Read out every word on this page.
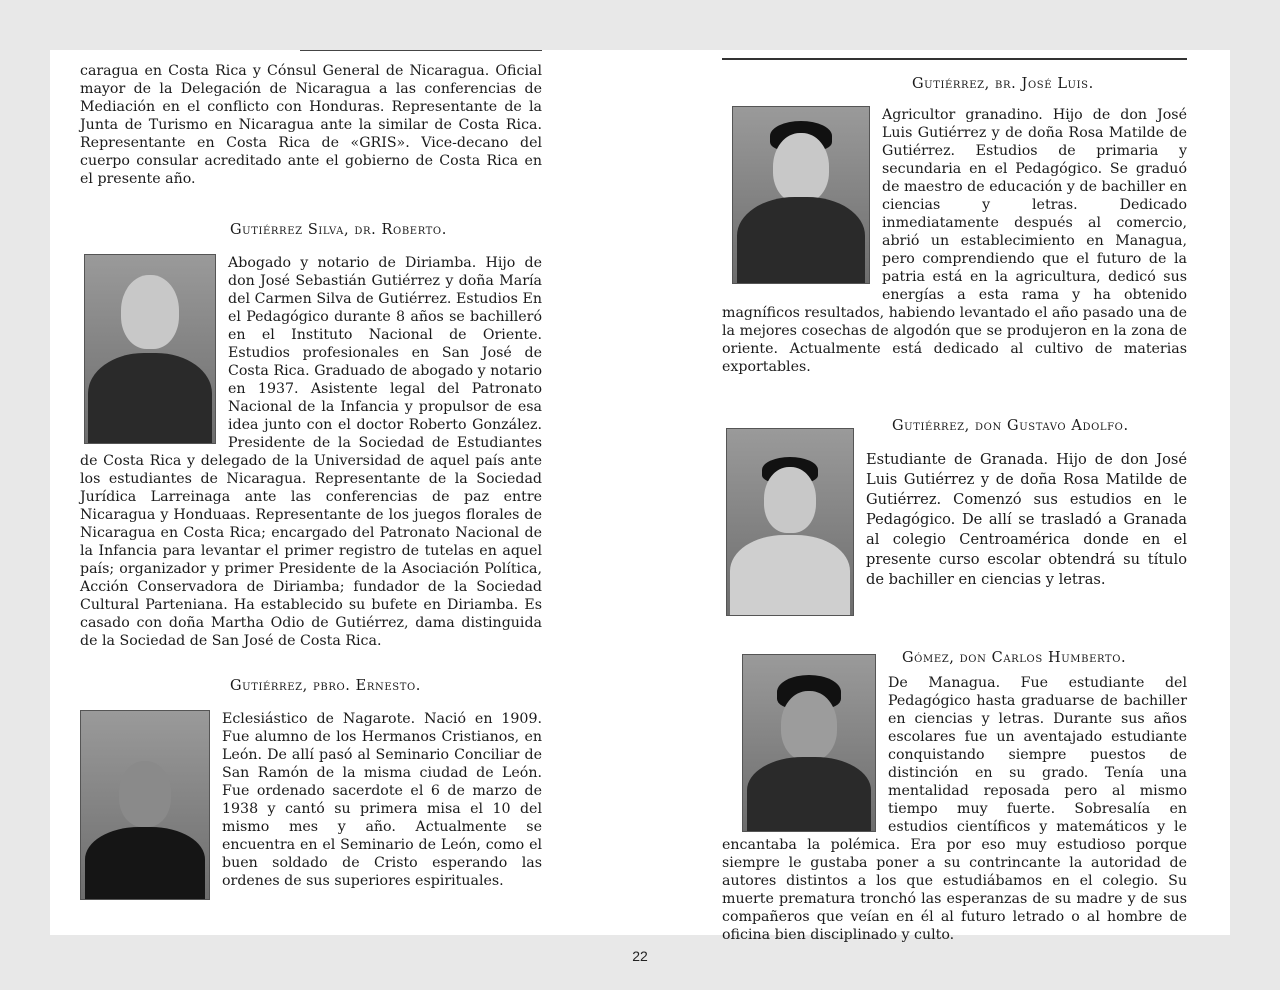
caragua en Costa Rica y Cónsul General de Nicaragua. Oficial mayor de la Delegación de Nicaragua a las conferencias de Mediación en el conflicto con Honduras. Representante de la Junta de Turismo en Nicaragua ante la similar de Costa Rica. Representante en Costa Rica de «GRIS». Vice-decano del cuerpo consular acreditado ante el gobierno de Costa Rica en el presente año.

Gutiérrez Silva, dr. Roberto.

Abogado y notario de Diriamba. Hijo de don José Sebastián Gutiérrez y doña María del Carmen Silva de Gutiérrez. Estudios En el Pedagógico durante 8 años se bachilleró en el Instituto Nacional de Oriente. Estudios profesionales en San José de Costa Rica. Graduado de abogado y notario en 1937. Asistente legal del Patronato Nacional de la Infancia y propulsor de esa idea junto con el doctor Roberto González. Presidente de la Sociedad de Estudiantes de Costa Rica y delegado de la Universidad de aquel país ante los estudiantes de Nicaragua. Representante de la Sociedad Jurídica Larreinaga ante las conferencias de paz entre Nicaragua y Honduaas. Representante de los juegos florales de Nicaragua en Costa Rica; encargado del Patronato Nacional de la Infancia para levantar el primer registro de tutelas en aquel país; organizador y primer Presidente de la Asociación Política, Acción Conservadora de Diriamba; fundador de la Sociedad Cultural Parteniana. Ha establecido su bufete en Diriamba. Es casado con doña Martha Odio de Gutiérrez, dama distinguida de la Sociedad de San José de Costa Rica.

Gutiérrez, pbro. Ernesto.

Eclesiástico de Nagarote. Nació en 1909. Fue alumno de los Hermanos Cristianos, en León. De allí pasó al Seminario Conciliar de San Ramón de la misma ciudad de León. Fue ordenado sacerdote el 6 de marzo de 1938 y cantó su primera misa el 10 del mismo mes y año. Actualmente se encuentra en el Seminario de León, como el buen soldado de Cristo esperando las ordenes de sus superiores espirituales.

Gutiérrez, br. José Luis.

Agricultor granadino. Hijo de don José Luis Gutiérrez y de doña Rosa Matilde de Gutiérrez. Estudios de primaria y secundaria en el Pedagógico. Se graduó de maestro de educación y de bachiller en ciencias y letras. Dedicado inmediatamente después al comercio, abrió un establecimiento en Managua, pero comprendiendo que el futuro de la patria está en la agricultura, dedicó sus energías a esta rama y ha obtenido magníficos resultados, habiendo levantado el año pasado una de la mejores cosechas de algodón que se produjeron en la zona de oriente. Actualmente está dedicado al cultivo de materias exportables.

Gutiérrez, don Gustavo Adolfo.

Estudiante de Granada. Hijo de don José Luis Gutiérrez y de doña Rosa Matilde de Gutiérrez. Comenzó sus estudios en le Pedagógico. De allí se trasladó a Granada al colegio Centroamérica donde en el presente curso escolar obtendrá su título de bachiller en ciencias y letras.

Gómez, don Carlos Humberto.

De Managua. Fue estudiante del Pedagógico hasta graduarse de bachiller en ciencias y letras. Durante sus años escolares fue un aventajado estudiante conquistando siempre puestos de distinción en su grado. Tenía una mentalidad reposada pero al mismo tiempo muy fuerte. Sobresalía en estudios científicos y matemáticos y le encantaba la polémica. Era por eso muy estudioso porque siempre le gustaba poner a su contrincante la autoridad de autores distintos a los que estudiábamos en el colegio. Su muerte prematura tronchó las esperanzas de su madre y de sus compañeros que veían en él al futuro letrado o al hombre de oficina bien disciplinado y culto.

22
